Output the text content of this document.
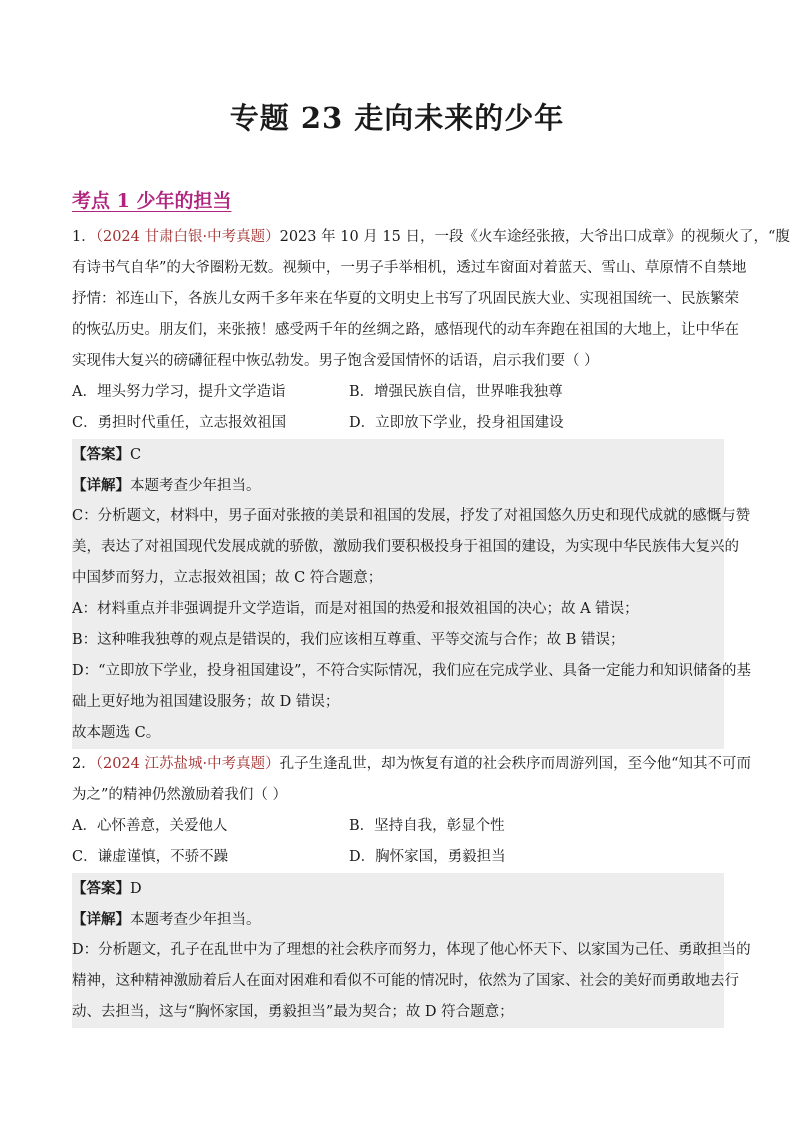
专题 23 走向未来的少年
考点 1 少年的担当
1．（2024 甘肃白银·中考真题）2023 年 10 月 15 日，一段《火车途经张掖，大爷出口成章》的视频火了，“腹
有诗书气自华”的大爷圈粉无数。视频中，一男子手举相机，透过车窗面对着蓝天、雪山、草原情不自禁地
抒情：祁连山下，各族儿女两千多年来在华夏的文明史上书写了巩固民族大业、实现祖国统一、民族繁荣
的恢弘历史。朋友们，来张掖！感受两千年的丝绸之路，感悟现代的动车奔跑在祖国的大地上，让中华在
实现伟大复兴的磅礴征程中恢弘勃发。男子饱含爱国情怀的话语，启示我们要（ ）
A．埋头努力学习，提升文学造诣	B．增强民族自信，世界唯我独尊
C．勇担时代重任，立志报效祖国	D．立即放下学业，投身祖国建设
【答案】C
【详解】本题考查少年担当。
C：分析题文，材料中，男子面对张掖的美景和祖国的发展，抒发了对祖国悠久历史和现代成就的感慨与赞
美，表达了对祖国现代发展成就的骄傲，激励我们要积极投身于祖国的建设，为实现中华民族伟大复兴的
中国梦而努力，立志报效祖国；故 C 符合题意；
A：材料重点并非强调提升文学造诣，而是对祖国的热爱和报效祖国的决心；故 A 错误；
B：这种唯我独尊的观点是错误的，我们应该相互尊重、平等交流与合作；故 B 错误；
D：“立即放下学业，投身祖国建设”，不符合实际情况，我们应在完成学业、具备一定能力和知识储备的基
础上更好地为祖国建设服务；故 D 错误；
故本题选 C。
2．（2024 江苏盐城·中考真题）孔子生逢乱世，却为恢复有道的社会秩序而周游列国，至今他“知其不可而
为之”的精神仍然激励着我们（ ）
A．心怀善意，关爱他人	B．坚持自我，彰显个性
C．谦虚谨慎，不骄不躁	D．胸怀家国，勇毅担当
【答案】D
【详解】本题考查少年担当。
D：分析题文，孔子在乱世中为了理想的社会秩序而努力，体现了他心怀天下、以家国为己任、勇敢担当的
精神，这种精神激励着后人在面对困难和看似不可能的情况时，依然为了国家、社会的美好而勇敢地去行
动、去担当，这与“胸怀家国，勇毅担当”最为契合；故 D 符合题意；
